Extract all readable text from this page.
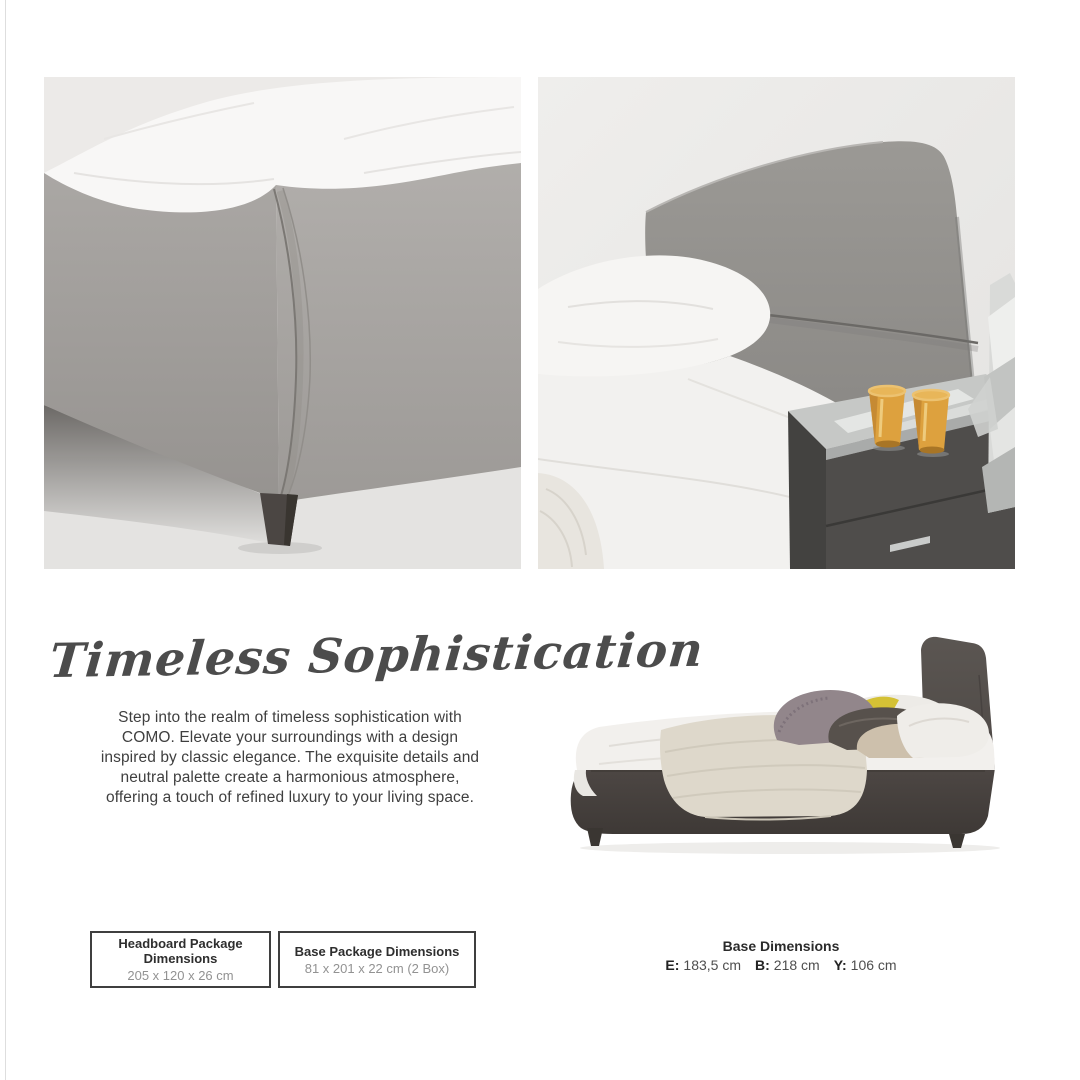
Timeless Sophistication

Step into the realm of timeless sophistication with COMO. Elevate your surroundings with a design inspired by classic elegance. The exquisite details and neutral palette create a harmonious atmosphere, offering a touch of refined luxury to your living space.

Headboard Package Dimensions
205 x 120 x 26 cm
Base Package Dimensions
81 x 201 x 22 cm (2 Box)
Base Dimensions
E: 183,5 cm B: 218 cm Y: 106 cm
